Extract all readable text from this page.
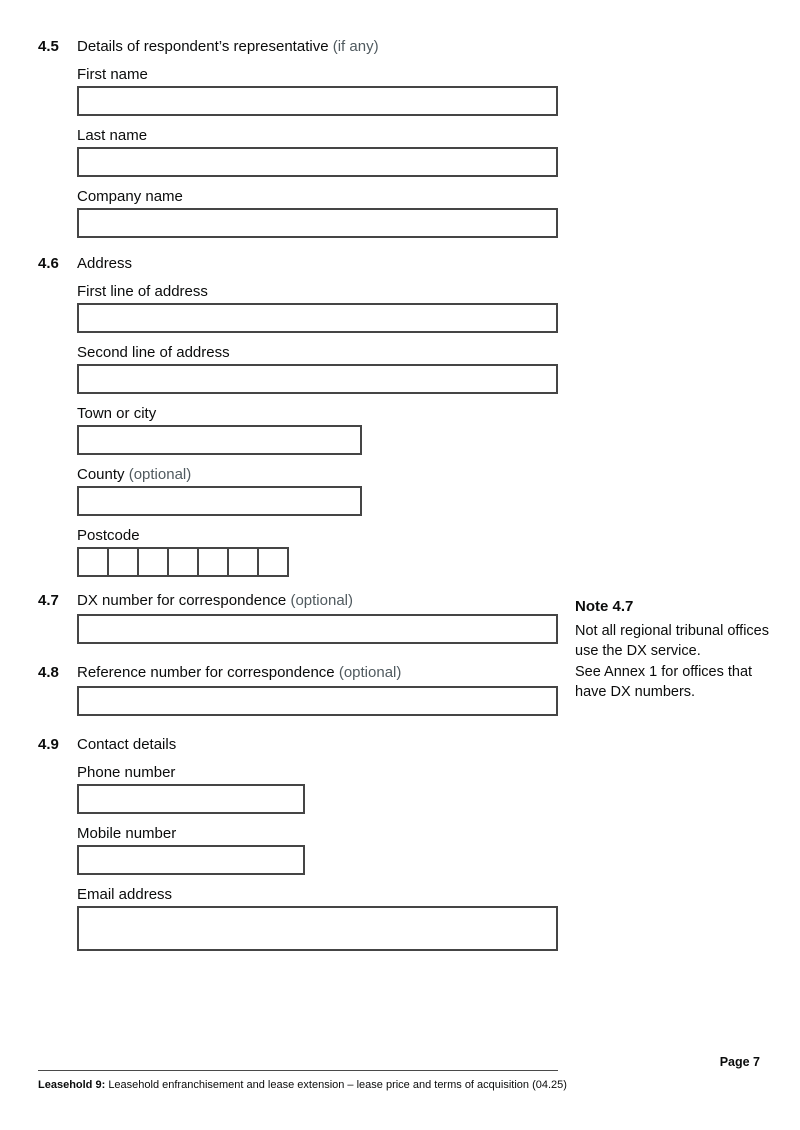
4.5	Details of respondent’s representative (if any)
First name
Last name
Company name
4.6	Address
First line of address
Second line of address
Town or city
County (optional)
Postcode
4.7	DX number for correspondence (optional)
4.8	Reference number for correspondence (optional)
4.9	Contact details
Phone number
Mobile number
Email address
Note 4.7

Not all regional tribunal offices use the DX service.

See Annex 1 for offices that have DX numbers.

Page 7
Leasehold 9: Leasehold enfranchisement and lease extension – lease price and terms of acquisition (04.25)
